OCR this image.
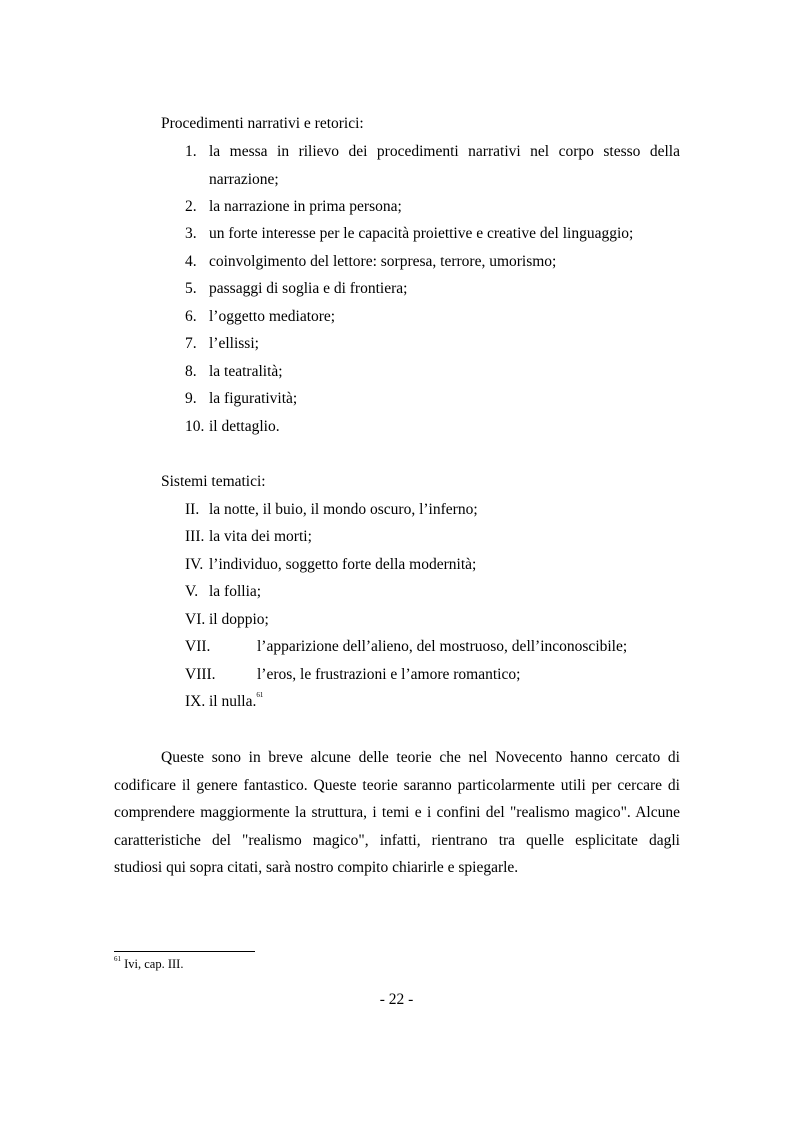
Procedimenti narrativi e retorici:
1. la messa in rilievo dei procedimenti narrativi nel corpo stesso della
narrazione;
2. la narrazione in prima persona;
3. un forte interesse per le capacità proiettive e creative del linguaggio;
4. coinvolgimento del lettore: sorpresa, terrore, umorismo;
5. passaggi di soglia e di frontiera;
6. l’oggetto mediatore;
7. l’ellissi;
8. la teatralità;
9. la figuratività;
10. il dettaglio.
Sistemi tematici:
II. la notte, il buio, il mondo oscuro, l’inferno;
III. la vita dei morti;
IV. l’individuo, soggetto forte della modernità;
V. la follia;
VI. il doppio;
VII.	l’apparizione dell’alieno, del mostruoso, dell’inconoscibile;
VIII.	l’eros, le frustrazioni e l’amore romantico;
IX. il nulla.$^{61}$
Queste sono in breve alcune delle teorie che nel Novecento hanno cercato di
codificare il genere fantastico. Queste teorie saranno particolarmente utili per cercare di
comprendere maggiormente la struttura, i temi e i confini del "realismo magico". Alcune
caratteristiche del "realismo magico", infatti, rientrano tra quelle esplicitate dagli
studiosi qui sopra citati, sarà nostro compito chiarirle e spiegarle.
$^{61}$ Ivi, cap. III.
- 22 -
